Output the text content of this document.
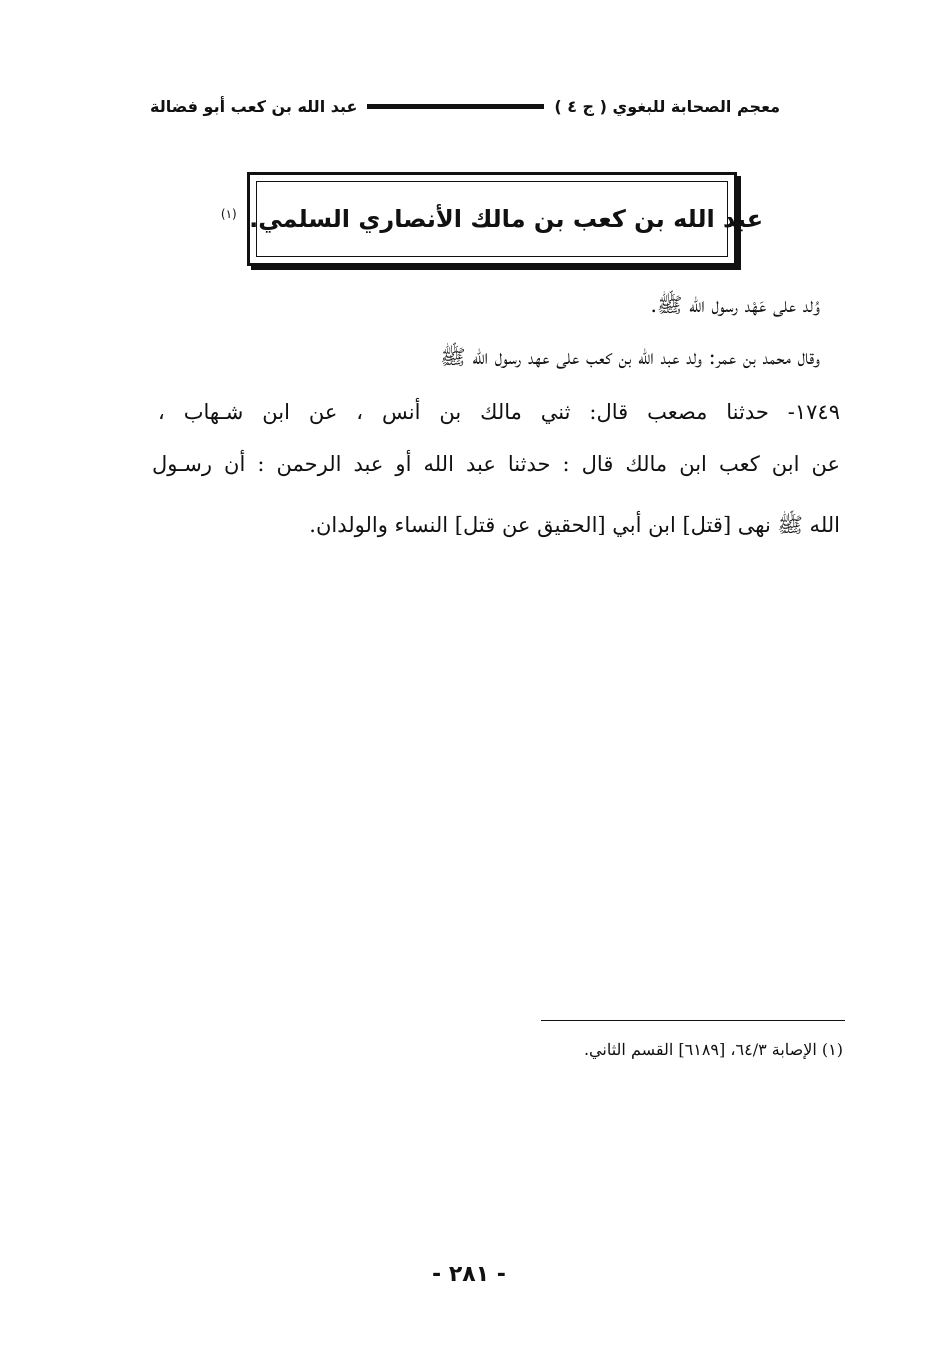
معجم الصحابة للبغوي ( ج ٤ )
عبد الله بن كعب أبو فضالة
عبد الله بن كعب بن مالك الأنصاري السلمي. $^{(١)}$
وُلد على عَهْد رسول الله ﷺ.
وقال محمد بن عمر: ولد عبد الله بن كعب على عهد رسول الله ﷺ
١٧٤٩- حدثنا مصعب قال: ثني مالك بن أنس ، عن ابن شـهاب ،
عن ابن كعب ابن مالك قال : حدثنا عبد الله أو عبد الرحمن : أن رسـول
الله ﷺ نهى [قتل] ابن أبي [الحقيق عن قتل] النساء والولدان.
(١) الإصابة ٦٤/٣، [٦١٨٩] القسم الثاني.
- ٢٨١ -
